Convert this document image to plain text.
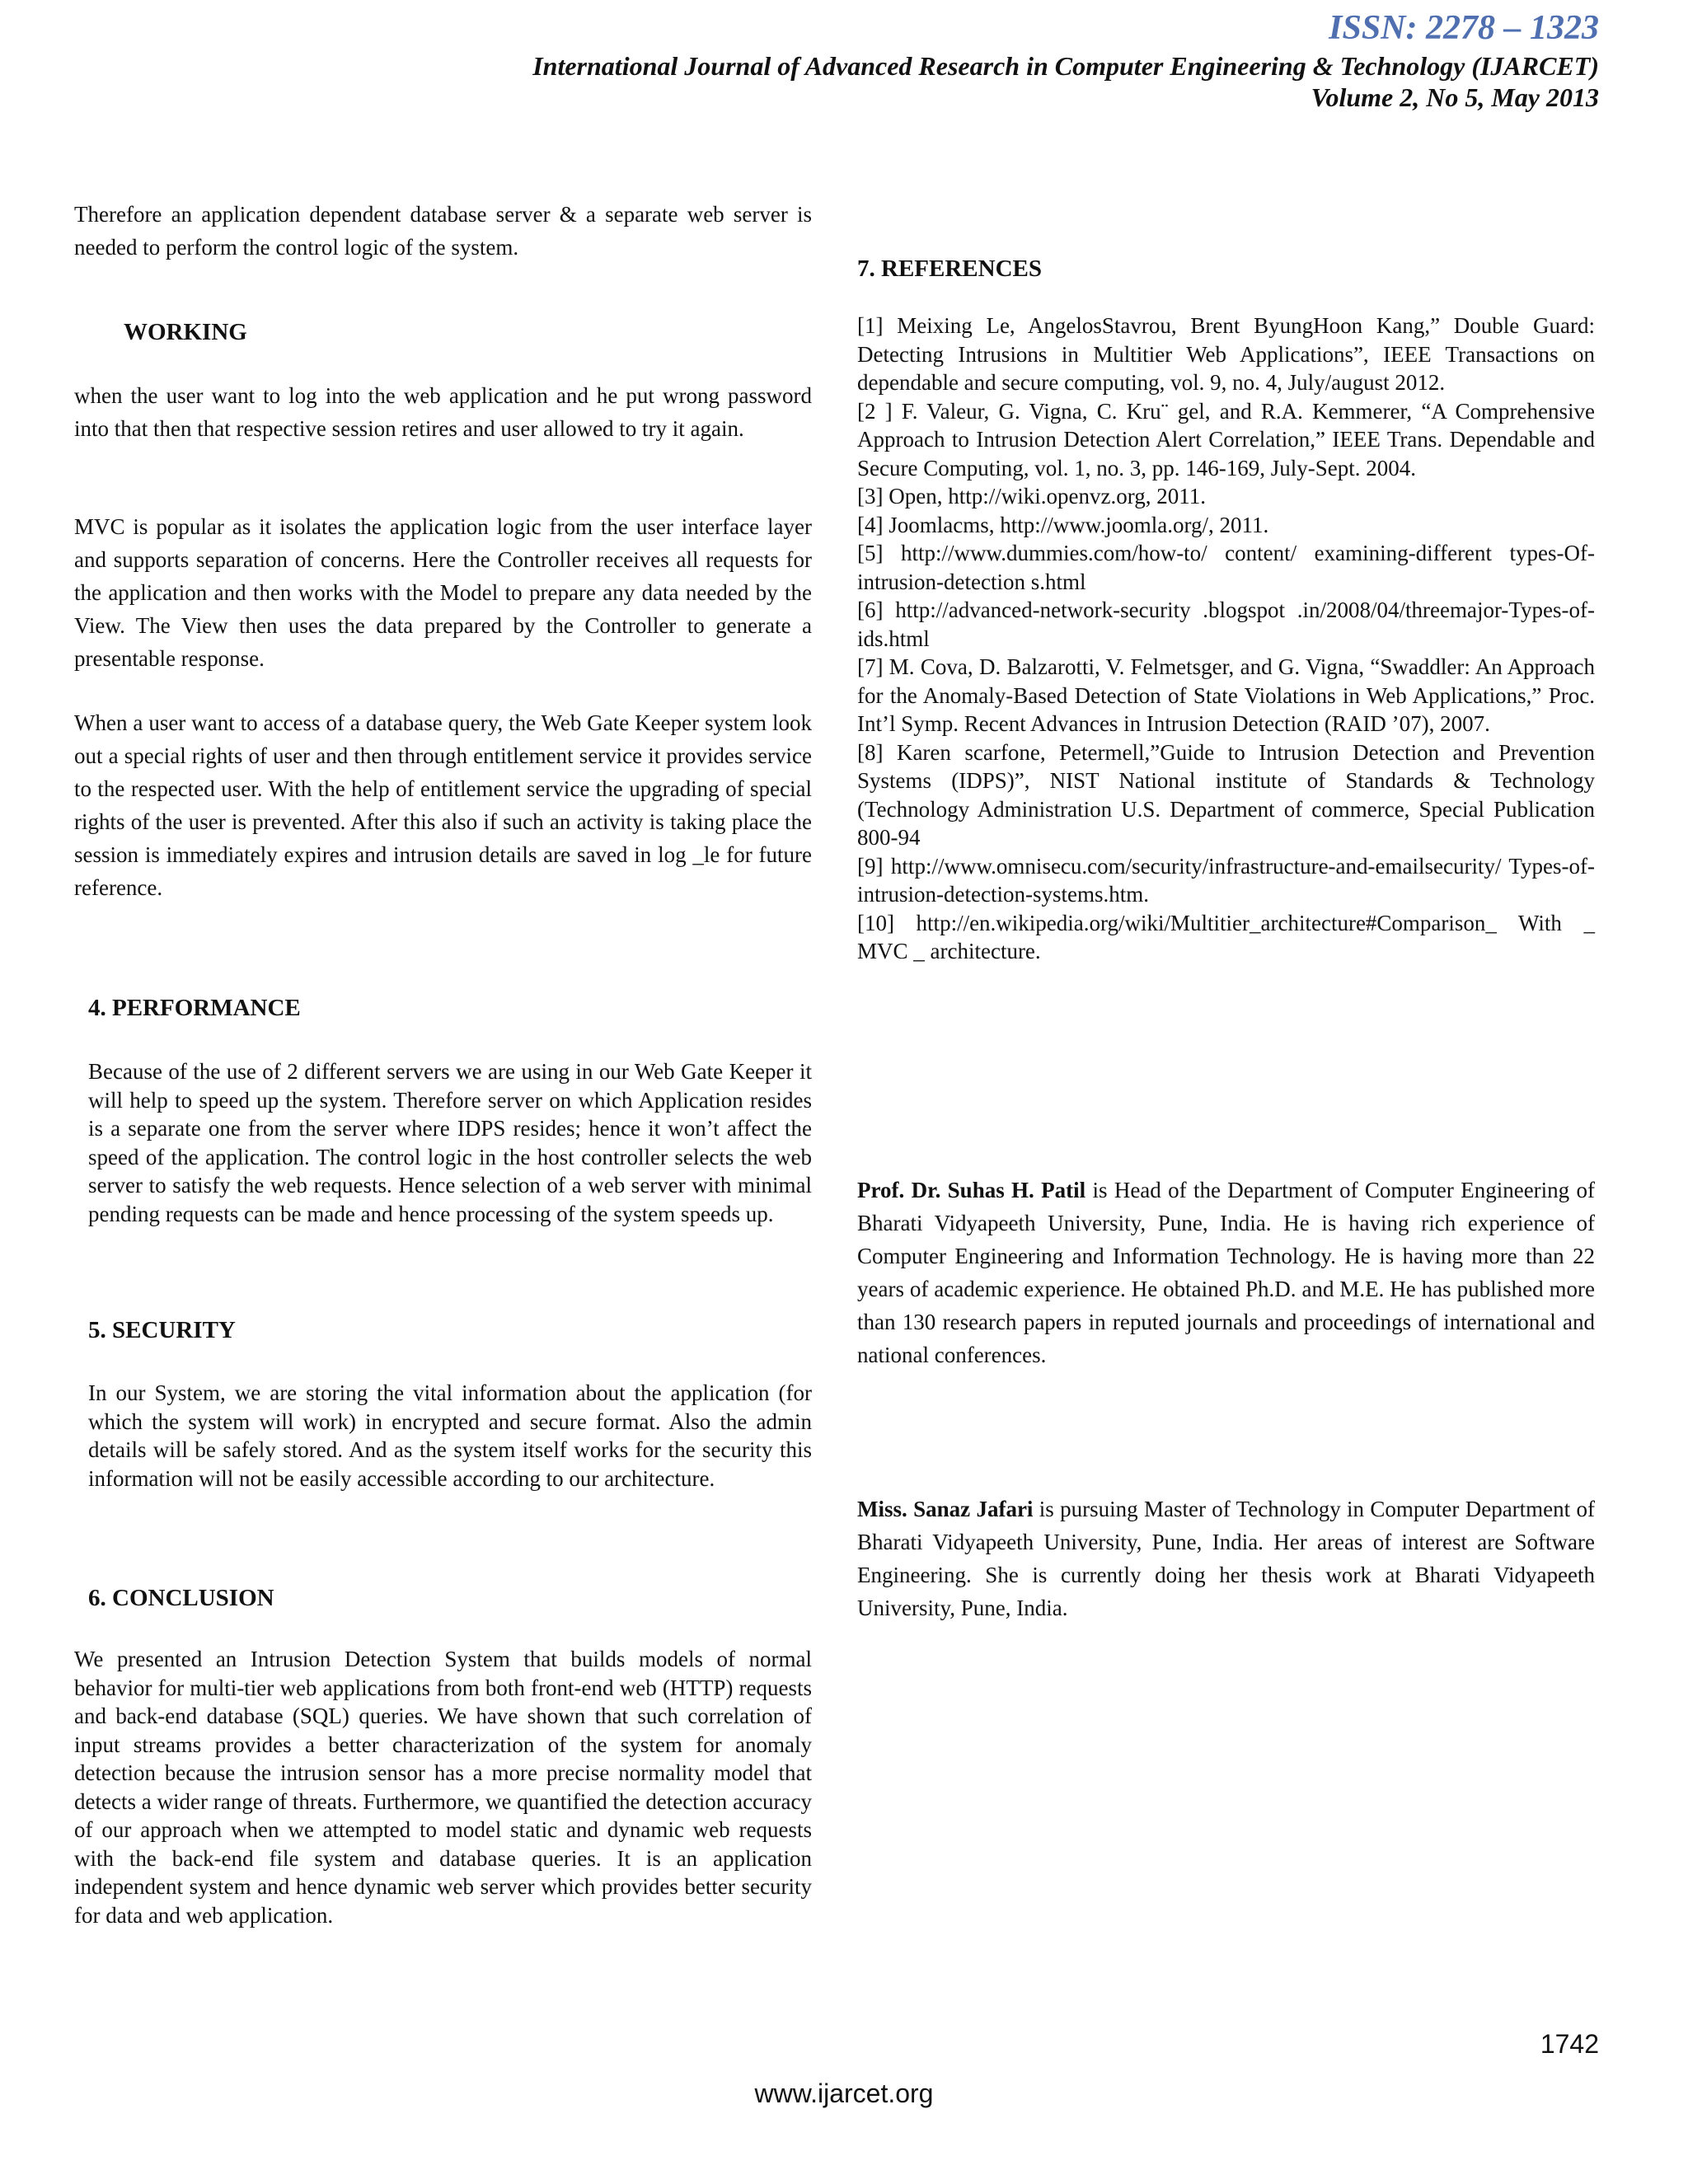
ISSN: 2278 – 1323
International Journal of Advanced Research in Computer Engineering & Technology (IJARCET)
Volume 2, No 5, May 2013

Therefore an application dependent database server & a separate web server is needed to perform the control logic of the system.

WORKING

when the user want to log into the web application and he put wrong password into that then that respective session retires and user allowed to try it again.

MVC is popular as it isolates the application logic from the user interface layer and supports separation of concerns. Here the Controller receives all requests for the application and then works with the Model to prepare any data needed by the View. The View then uses the data prepared by the Controller to generate a presentable response.

When a user want to access of a database query, the Web Gate Keeper system look out a special rights of user and then through entitlement service it provides service to the respected user. With the help of entitlement service the upgrading of special rights of the user is prevented. After this also if such an activity is taking place the session is immediately expires and intrusion details are saved in log _le for future reference.

4. PERFORMANCE

Because of the use of 2 different servers we are using in our Web Gate Keeper it will help to speed up the system. Therefore server on which Application resides is a separate one from the server where IDPS resides; hence it won’t affect the speed of the application. The control logic in the host controller selects the web server to satisfy the web requests. Hence selection of a web server with minimal pending requests can be made and hence processing of the system speeds up.

5. SECURITY

In our System, we are storing the vital information about the application (for which the system will work) in encrypted and secure format. Also the admin details will be safely stored. And as the system itself works for the security this information will not be easily accessible according to our architecture.

6. CONCLUSION

We presented an Intrusion Detection System that builds models of normal behavior for multi-tier web applications from both front-end web (HTTP) requests and back-end database (SQL) queries. We have shown that such correlation of input streams provides a better characterization of the system for anomaly detection because the intrusion sensor has a more precise normality model that detects a wider range of threats. Furthermore, we quantified the detection accuracy of our approach when we attempted to model static and dynamic web requests with the back-end file system and database queries. It is an application independent system and hence dynamic web server which provides better security for data and web application.

7. REFERENCES

[1] Meixing Le, AngelosStavrou, Brent ByungHoon Kang,” Double Guard: Detecting Intrusions in Multitier Web Applications”, IEEE Transactions on dependable and secure computing, vol. 9, no. 4, July/august 2012.

[2 ] F. Valeur, G. Vigna, C. Kru¨ gel, and R.A. Kemmerer, “A Comprehensive Approach to Intrusion Detection Alert Correlation,” IEEE Trans. Dependable and Secure Computing, vol. 1, no. 3, pp. 146-169, July-Sept. 2004.

[3] Open, http://wiki.openvz.org, 2011.

[4] Joomlacms, http://www.joomla.org/, 2011.

[5] http://www.dummies.com/how-to/ content/ examining-different types-Of-intrusion-detection s.html

[6] http://advanced-network-security .blogspot .in/2008/04/threemajor-Types-of-ids.html

[7] M. Cova, D. Balzarotti, V. Felmetsger, and G. Vigna, “Swaddler: An Approach for the Anomaly-Based Detection of State Violations in Web Applications,” Proc. Int’l Symp. Recent Advances in Intrusion Detection (RAID ’07), 2007.

[8] Karen scarfone, Petermell,”Guide to Intrusion Detection and Prevention Systems (IDPS)”, NIST National institute of Standards & Technology (Technology Administration U.S. Department of commerce, Special Publication 800-94

[9] http://www.omnisecu.com/security/infrastructure-and-emailsecurity/ Types-of-intrusion-detection-systems.htm.

[10] http://en.wikipedia.org/wiki/Multitier_architecture#Comparison_ With _ MVC _ architecture.

Prof. Dr. Suhas H. Patil is Head of the Department of Computer Engineering of Bharati Vidyapeeth University, Pune, India. He is having rich experience of Computer Engineering and Information Technology. He is having more than 22 years of academic experience. He obtained Ph.D. and M.E. He has published more than 130 research papers in reputed journals and proceedings of international and national conferences.

Miss. Sanaz Jafari is pursuing Master of Technology in Computer Department of Bharati Vidyapeeth University, Pune, India. Her areas of interest are Software Engineering. She is currently doing her thesis work at Bharati Vidyapeeth University, Pune, India.

1742
www.ijarcet.org
